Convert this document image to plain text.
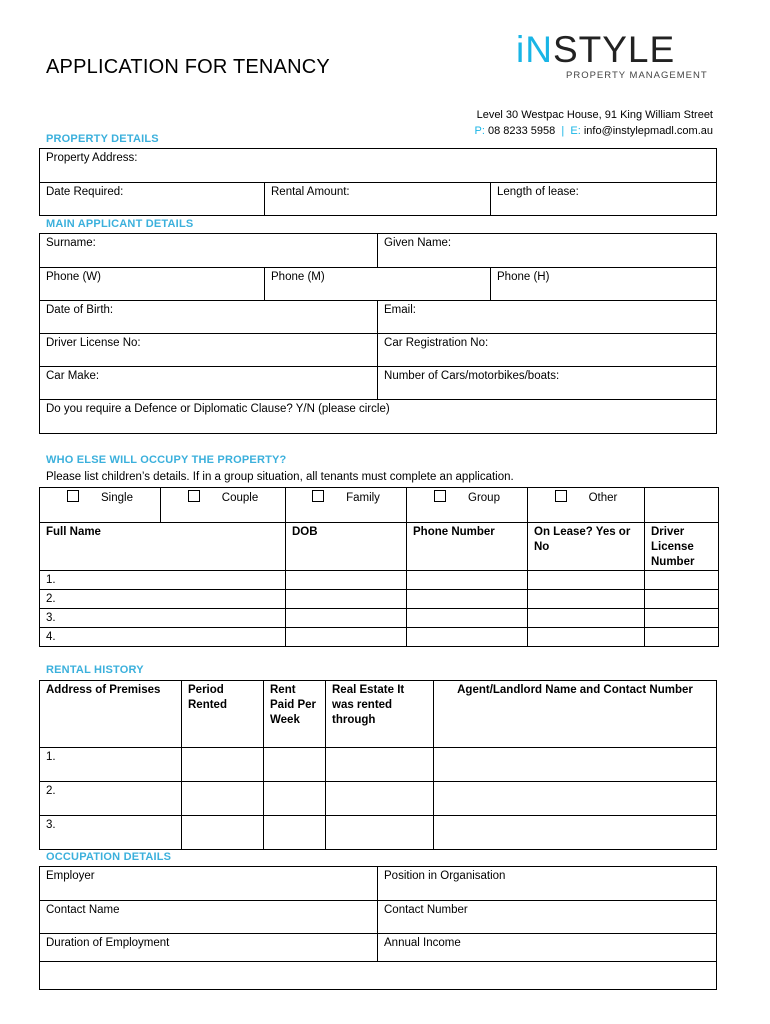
APPLICATION FOR TENANCY	iNSTYLE
PROPERTY MANAGEMENT
Level 30 Westpac House, 91 King William Street
P: 08 8233 5958 | E: info@instylepmadl.com.au
PROPERTY DETAILS
Property Address:
Date Required:	Rental Amount:	Length of lease:
MAIN APPLICANT DETAILS
Surname:		Given Name:	
Phone (W)	Phone (M)		Phone (H)
Date of Birth:		Email:	
Driver License No:		Car Registration No:	
Car Make:		Number of Cars/motorbikes/boats:	
Do you require a Defence or Diplomatic Clause? Y/N (please circle)			
WHO ELSE WILL OCCUPY THE PROPERTY?
Please list children’s details. If in a group situation, all tenants must complete an application.
Single	Couple	Family	Group	Other	
Full Name		DOB	Phone Number	On Lease? Yes or No	Driver License Number
1.					
2.					
3.					
4.					
RENTAL HISTORY
Address of Premises	Period Rented	Rent Paid Per Week	Real Estate It was rented through	Agent/Landlord Name and Contact Number
1.				
2.				
3.				
OCCUPATION DETAILS
Employer	Position in Organisation
Contact Name	Contact Number
Duration of Employment	Annual Income
